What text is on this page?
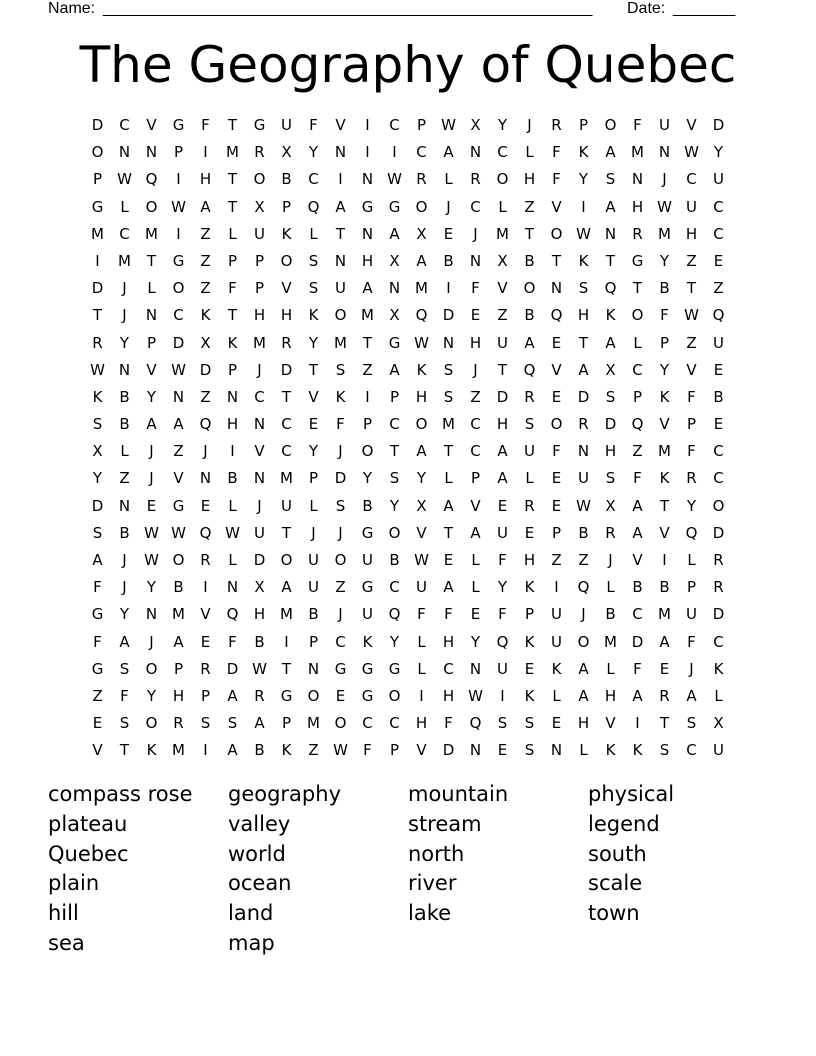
Name: _______________________________________________________ Date: _______
The Geography of Quebec
D	C	V	G	F	T	G	U	F	V	I	C	P	W X	Y	J	R	P	O	F	U	V	D
O	N	N	P	I	M	R	X	Y	N	I	I	C	A	N	C	L	F	K	A	M N W Y
P	W Q	I	H	T	O	B	C	I	N W R	L	R	O	H	F	Y	S	N	J	C	U
G	L	O W A	T	X	P	Q	A	G	G	O	J	C	L	Z	V	I	A	H W U	C
M	C	M	I	Z	L	U	K	L	T	N	A	X	E	J	M	T	O W N	R	M H	C
I	M	T	G	Z	P	P	O	S	N	H	X	A	B	N	X	B	T	K	T	G	Y	Z	E
D	J	L	O	Z	F	P	V	S	U	A	N M	I	F	V	O	N	S	Q	T	B	T	Z
T	J	N	C	K	T	H	H	K	O M	X	Q	D	E	Z	B	Q	H	K	O	F	W Q
R	Y	P	D	X	K	M	R	Y	M	T	G W N	H	U	A	E	T	A	L	P	Z	U
W N	V W D	P	J	D	T	S	Z	A	K	S	J	T	Q	V	A	X	C	Y	V	E
K	B	Y	N	Z	N	C	T	V	K	I	P	H	S	Z	D	R	E	D	S	P	K	F	B
S	B	A	A	Q	H	N	C	E	F	P	C	O M	C	H	S	O	R	D	Q	V	P	E
X	L	J	Z	J	I	V	C	Y	J	O	T	A	T	C	A	U	F	N	H	Z	M	F	C
Y	Z	J	V	N	B	N M	P	D	Y	S	Y	L	P	A	L	E	U	S	F	K	R	C
D	N	E	G	E	L	J	U	L	S	B	Y	X	A	V	E	R	E W X	A	T	Y	O
S	B W W Q W U	T	J	J	G	O	V	T	A	U	E	P	B	R	A	V	Q	D
A	J	W O	R	L	D	O	U	O	U	B W E	L	F	H	Z	Z	J	V	I	L	R
F	J	Y	B	I	N	X	A	U	Z	G	C	U	A	L	Y	K	I	Q	L	B	B	P	R
G	Y	N M	V	Q	H M	B	J	U	Q	F	F	E	F	P	U	J	B	C	M	U	D
F	A	J	A	E	F	B	I	P	C	K	Y	L	H	Y	Q	K	U	O M D	A	F	C
G	S	O	P	R	D W T	N	G	G	G	L	C	N	U	E	K	A	L	F	E	J	K
Z	F	Y	H	P	A	R	G	O	E	G	O	I	H W	I	K	L	A	H	A	R	A	L
E	S	O	R	S	S	A	P	M O	C	C	H	F	Q	S	S	E	H	V	I	T	S	X
V	T	K	M	I	A	B	K	Z W	F	P	V	D	N	E	S	N	L	K	K	S	C	U
compass rose	geography	mountain	physical
plateau	valley	stream	legend
Quebec	world	north	south
plain	ocean	river	scale
hill	land	lake	town
sea	map
